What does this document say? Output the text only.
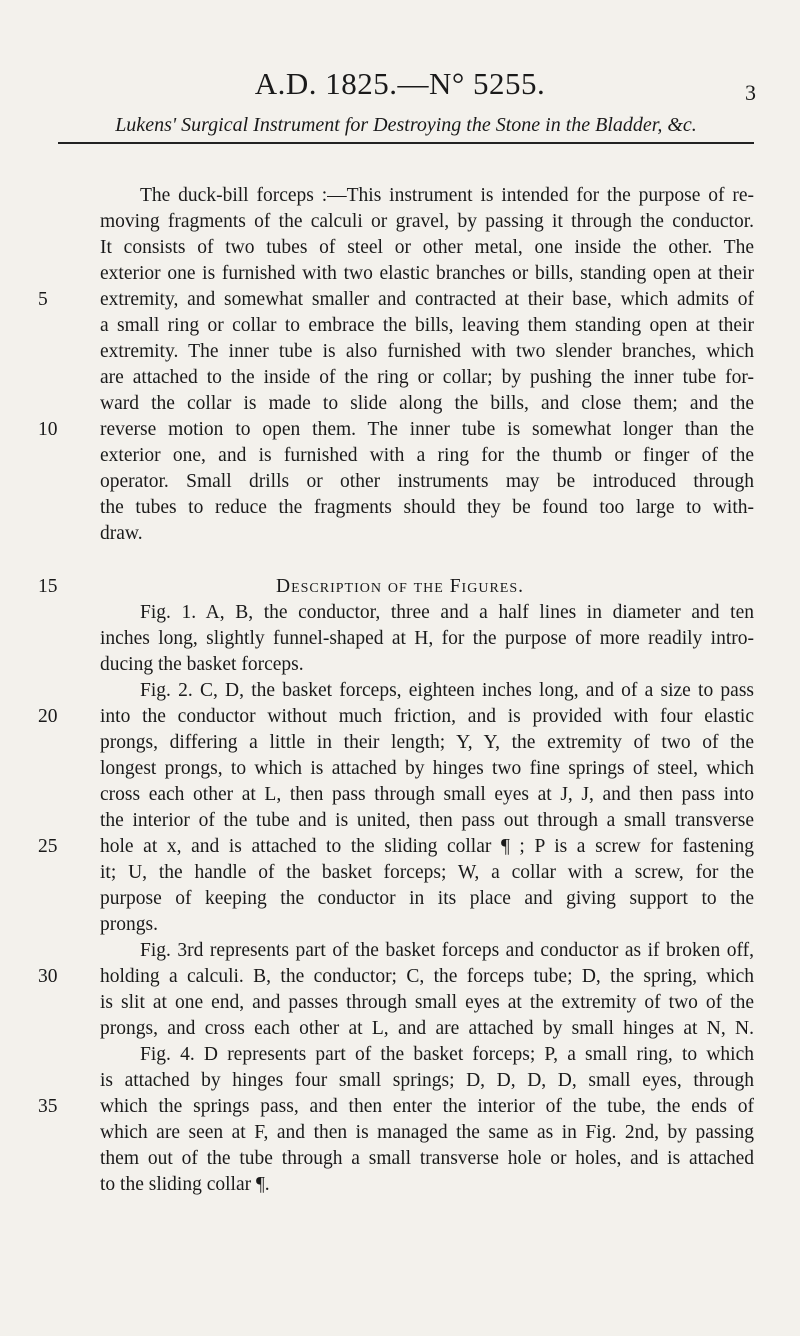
A.D. 1825.—N° 5255.	3
Lukens' Surgical Instrument for Destroying the Stone in the Bladder, &c.
5
10
15
20
25
30
35
The duck-bill forceps :—This instrument is intended for the purpose of re-
moving fragments of the calculi or gravel, by passing it through the conductor.
It consists of two tubes of steel or other metal, one inside the other. The
exterior one is furnished with two elastic branches or bills, standing open at their
extremity, and somewhat smaller and contracted at their base, which admits of
a small ring or collar to embrace the bills, leaving them standing open at their
extremity. The inner tube is also furnished with two slender branches, which
are attached to the inside of the ring or collar; by pushing the inner tube for-
ward the collar is made to slide along the bills, and close them; and the
reverse motion to open them. The inner tube is somewhat longer than the
exterior one, and is furnished with a ring for the thumb or finger of the
operator. Small drills or other instruments may be introduced through
the tubes to reduce the fragments should they be found too large to with-
draw.
Description of the Figures.
Fig. 1. A, B, the conductor, three and a half lines in diameter and ten
inches long, slightly funnel-shaped at H, for the purpose of more readily intro-
ducing the basket forceps.
Fig. 2. C, D, the basket forceps, eighteen inches long, and of a size to pass
into the conductor without much friction, and is provided with four elastic
prongs, differing a little in their length; Y, Y, the extremity of two of the
longest prongs, to which is attached by hinges two fine springs of steel, which
cross each other at L, then pass through small eyes at J, J, and then pass into
the interior of the tube and is united, then pass out through a small transverse
hole at x, and is attached to the sliding collar ¶ ; P is a screw for fastening
it; U, the handle of the basket forceps; W, a collar with a screw, for the
purpose of keeping the conductor in its place and giving support to the
prongs.
Fig. 3rd represents part of the basket forceps and conductor as if broken off,
holding a calculi. B, the conductor; C, the forceps tube; D, the spring, which
is slit at one end, and passes through small eyes at the extremity of two of the
prongs, and cross each other at L, and are attached by small hinges at N, N.
Fig. 4. D represents part of the basket forceps; P, a small ring, to which
is attached by hinges four small springs; D, D, D, D, small eyes, through
which the springs pass, and then enter the interior of the tube, the ends of
which are seen at F, and then is managed the same as in Fig. 2nd, by passing
them out of the tube through a small transverse hole or holes, and is attached
to the sliding collar ¶.
